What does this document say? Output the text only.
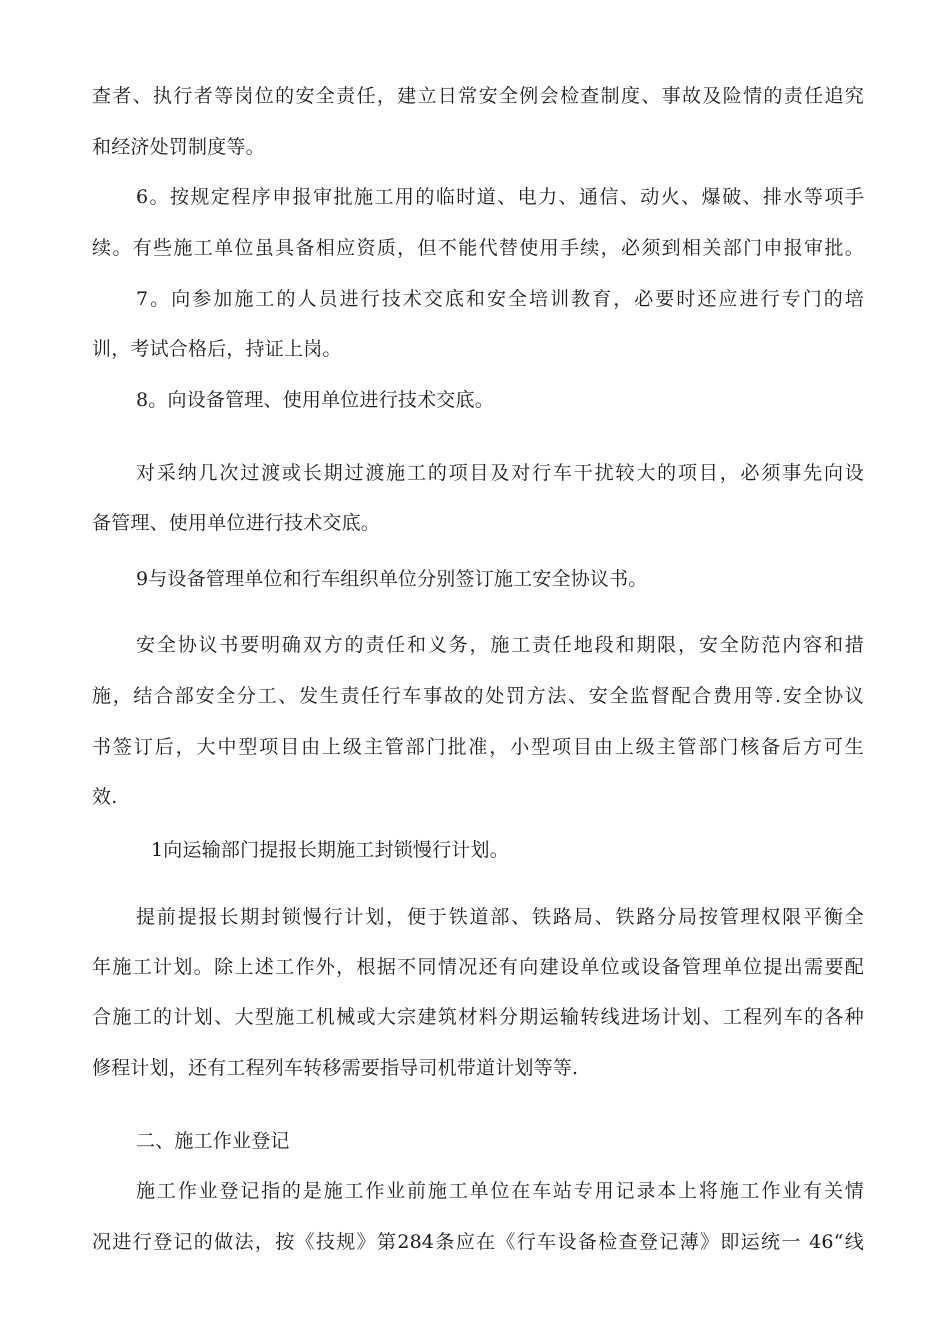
查者、执行者等岗位的安全责任，建立日常安全例会检查制度、事故及险情的责任追究
和经济处罚制度等。
6。按规定程序申报审批施工用的临时道、电力、通信、动火、爆破、排水等项手
续。有些施工单位虽具备相应资质，但不能代替使用手续，必须到相关部门申报审批。
7。向参加施工的人员进行技术交底和安全培训教育，必要时还应进行专门的培
训，考试合格后，持证上岗。
8。向设备管理、使用单位进行技术交底。
对采纳几次过渡或长期过渡施工的项目及对行车干扰较大的项目，必须事先向设
备管理、使用单位进行技术交底。
9与设备管理单位和行车组织单位分别签订施工安全协议书。
安全协议书要明确双方的责任和义务，施工责任地段和期限，安全防范内容和措
施，结合部安全分工、发生责任行车事故的处罚方法、安全监督配合费用等.安全协议
书签订后，大中型项目由上级主管部门批准，小型项目由上级主管部门核备后方可生
效.
1向运输部门提报长期施工封锁慢行计划。
提前提报长期封锁慢行计划，便于铁道部、铁路局、铁路分局按管理权限平衡全
年施工计划。除上述工作外，根据不同情况还有向建设单位或设备管理单位提出需要配
合施工的计划、大型施工机械或大宗建筑材料分期运输转线进场计划、工程列车的各种
修程计划，还有工程列车转移需要指导司机带道计划等等.
二、施工作业登记
施工作业登记指的是施工作业前施工单位在车站专用记录本上将施工作业有关情
况进行登记的做法，按《技规》第284条应在《行车设备检查登记薄》即运统一 46“线
